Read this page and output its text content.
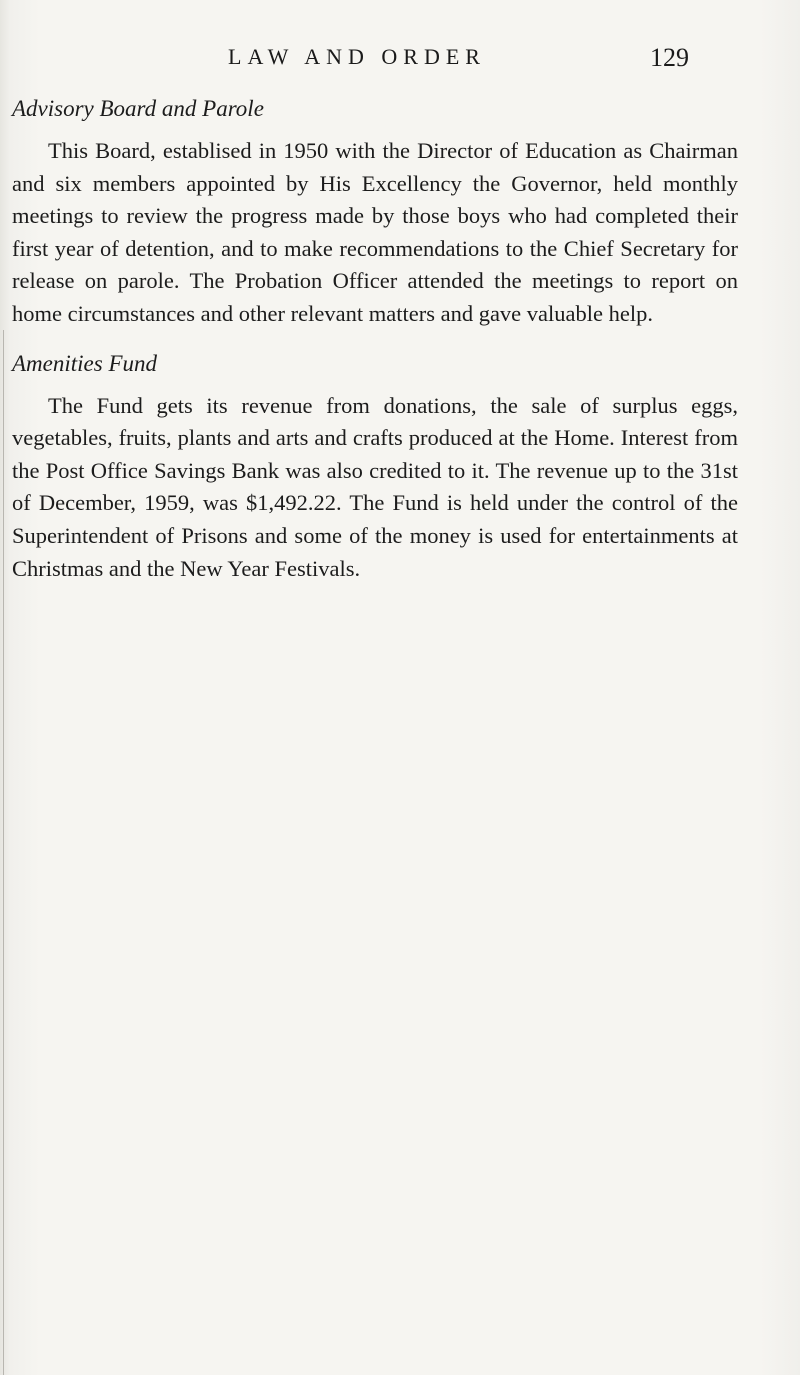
LAW AND ORDER	129
Advisory Board and Parole

This Board, establised in 1950 with the Director of Education as Chairman and six members appointed by His Excellency the Governor, held monthly meetings to review the progress made by those boys who had completed their first year of detention, and to make recommendations to the Chief Secretary for release on parole. The Probation Officer attended the meetings to report on home circumstances and other relevant matters and gave valuable help.

Amenities Fund

The Fund gets its revenue from donations, the sale of surplus eggs, vegetables, fruits, plants and arts and crafts produced at the Home. Interest from the Post Office Savings Bank was also credited to it. The revenue up to the 31st of December, 1959, was $1,492.22. The Fund is held under the control of the Superintendent of Prisons and some of the money is used for entertainments at Christmas and the New Year Festivals.
